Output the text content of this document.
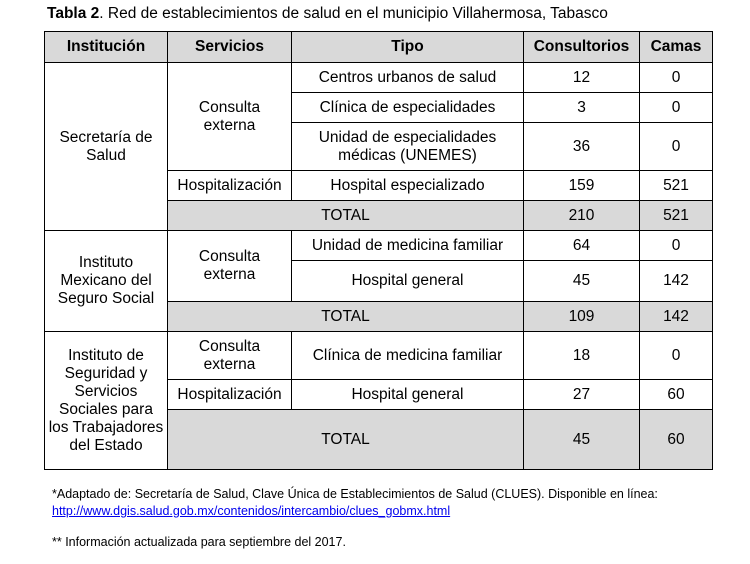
Tabla 2. Red de establecimientos de salud en el municipio Villahermosa, Tabasco
Institución	Servicios	Tipo	Consultorios	Camas
Secretaría de Salud	Consulta externa	Centros urbanos de salud	12	0
		Clínica de especialidades	3	0
		Unidad de especialidades médicas (UNEMES)	36	0
	Hospitalización	Hospital especializado	159	521
	TOTAL		210	521
Instituto Mexicano del Seguro Social	Consulta externa	Unidad de medicina familiar	64	0
		Hospital general	45	142
	TOTAL		109	142
Instituto de Seguridad y Servicios Sociales para los Trabajadores del Estado	Consulta externa	Clínica de medicina familiar	18	0
	Hospitalización	Hospital general	27	60
	TOTAL		45	60
*Adaptado de: Secretaría de Salud, Clave Única de Establecimientos de Salud (CLUES). Disponible en línea:
http://www.dgis.salud.gob.mx/contenidos/intercambio/clues_gobmx.html
** Información actualizada para septiembre del 2017.
